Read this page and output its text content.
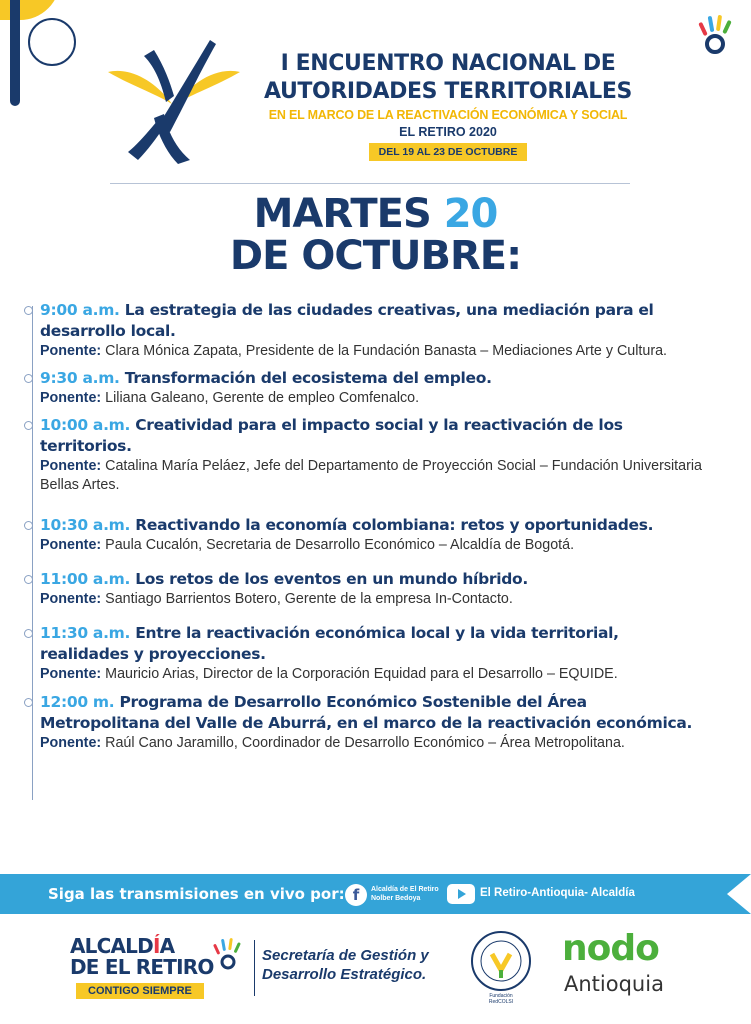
I ENCUENTRO NACIONAL DE
AUTORIDADES TERRITORIALES
EN EL MARCO DE LA REACTIVACIÓN ECONÓMICA Y SOCIAL
EL RETIRO 2020
DEL 19 AL 23 DE OCTUBRE
MARTES 20
DE OCTUBRE:
9:00 a.m. La estrategia de las ciudades creativas, una mediación para el desarrollo local.
Ponente: Clara Mónica Zapata, Presidente de la Fundación Banasta – Mediaciones Arte y Cultura.
9:30 a.m. Transformación del ecosistema del empleo.
Ponente: Liliana Galeano, Gerente de empleo Comfenalco.
10:00 a.m. Creatividad para el impacto social y la reactivación de los territorios.
Ponente: Catalina María Peláez, Jefe del Departamento de Proyección Social – Fundación Universitaria Bellas Artes.
10:30 a.m. Reactivando la economía colombiana: retos y oportunidades.
Ponente: Paula Cucalón, Secretaria de Desarrollo Económico – Alcaldía de Bogotá.
11:00 a.m. Los retos de los eventos en un mundo híbrido.
Ponente: Santiago Barrientos Botero, Gerente de la empresa In-Contacto.
11:30 a.m. Entre la reactivación económica local y la vida territorial, realidades y proyecciones.
Ponente: Mauricio Arias, Director de la Corporación Equidad para el Desarrollo – EQUIDE.
12:00 m. Programa de Desarrollo Económico Sostenible del Área Metropolitana del Valle de Aburrá, en el marco de la reactivación económica.
Ponente: Raúl Cano Jaramillo, Coordinador de Desarrollo Económico – Área Metropolitana.
Siga las transmisiones en vivo por: f	Alcaldía de El Retiro
Nolber Bedoya	El Retiro-Antioquia- Alcaldía
ALCALDÍA
DE EL RETIRO
CONTIGO SIEMPRE
Secretaría de Gestión y
Desarrollo Estratégico.
Fundación
RedCOLSI
nodo
Antioquia
